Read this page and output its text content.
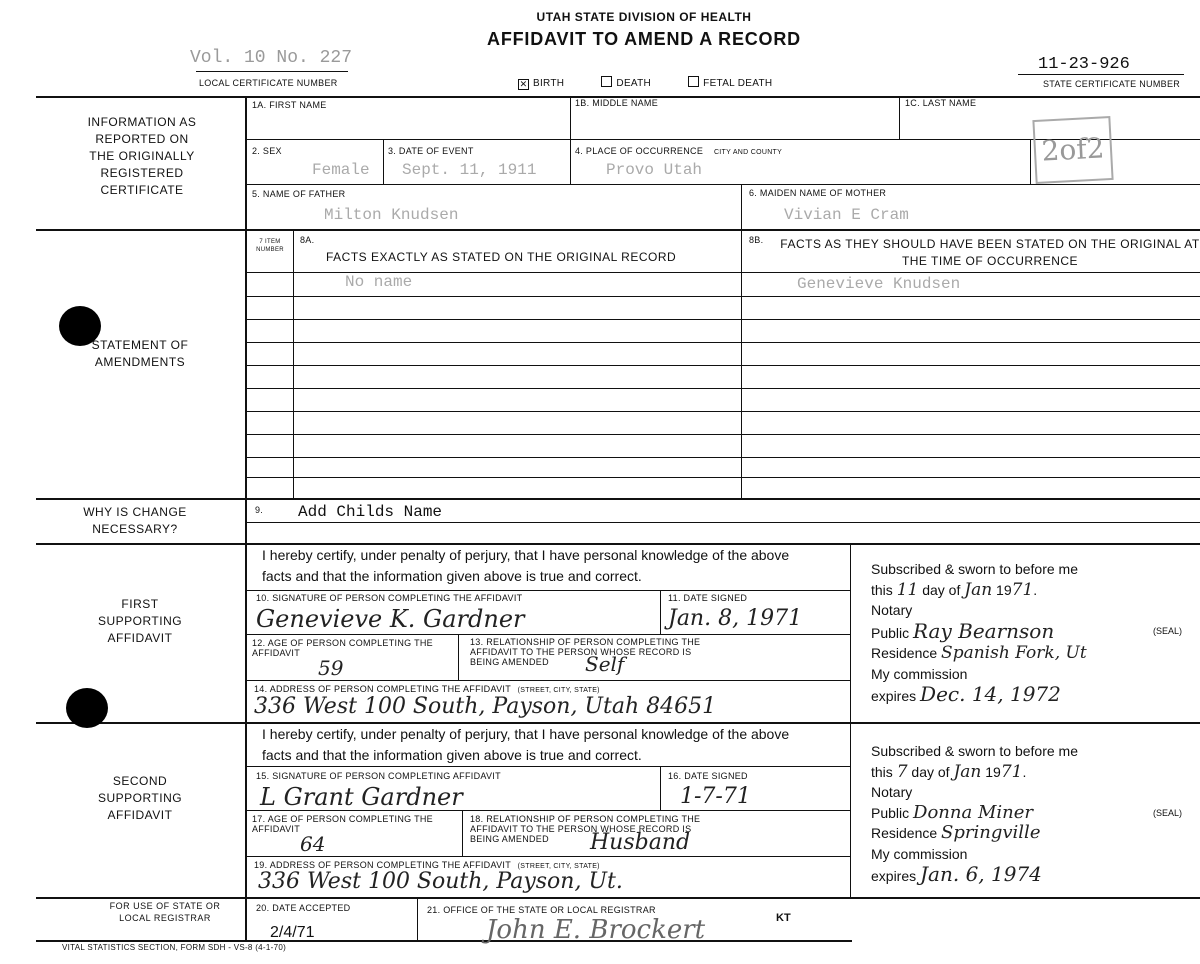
UTAH STATE DIVISION OF HEALTH
AFFIDAVIT TO AMEND A RECORD
Vol. 10 No. 227
LOCAL CERTIFICATE NUMBER	✕ BIRTH	DEATH	FETAL DEATH
11-23-926
STATE CERTIFICATE NUMBER
INFORMATION AS REPORTED ON THE ORIGINALLY REGISTERED CERTIFICATE
STATEMENT OF AMENDMENTS
WHY IS CHANGE NECESSARY?
FIRST SUPPORTING AFFIDAVIT
SECOND SUPPORTING AFFIDAVIT
FOR USE OF STATE OR LOCAL REGISTRAR
1A. FIRST NAME	1B. MIDDLE NAME	1C. LAST NAME
2. SEX
Female
3. DATE OF EVENT
Sept. 11, 1911
4. PLACE OF OCCURRENCE CITY AND COUNTY
Provo Utah
2of2
5. NAME OF FATHER
Milton Knudsen
6. MAIDEN NAME OF MOTHER
Vivian E Cram
7 ITEM NUMBER
8A.
FACTS EXACTLY AS STATED ON THE ORIGINAL RECORD
8B.	FACTS AS THEY SHOULD HAVE BEEN STATED ON THE ORIGINAL AT THE TIME OF OCCURRENCE
No name	Genevieve Knudsen
9. Add Childs Name
I hereby certify, under penalty of perjury, that I have personal knowledge of the above facts and that the information given above is true and correct.
10. SIGNATURE OF PERSON COMPLETING THE AFFIDAVIT
Genevieve K. Gardner
11. DATE SIGNED
Jan. 8, 1971
12. AGE OF PERSON COMPLETING THE AFFIDAVIT
59
13. RELATIONSHIP OF PERSON COMPLETING THE AFFIDAVIT TO THE PERSON WHOSE RECORD IS BEING AMENDED	Self
14. ADDRESS OF PERSON COMPLETING THE AFFIDAVIT (STREET, CITY, STATE)
336 West 100 South, Payson, Utah 84651
Subscribed & sworn to before me
this 11 day of Jan 1971.
Notary
Public Ray Bearnson	(SEAL)
Residence Spanish Fork, Ut
My commission
expires Dec. 14, 1972
I hereby certify, under penalty of perjury, that I have personal knowledge of the above facts and that the information given above is true and correct.
15. SIGNATURE OF PERSON COMPLETING AFFIDAVIT
L Grant Gardner
16. DATE SIGNED
1-7-71
17. AGE OF PERSON COMPLETING THE AFFIDAVIT
64
18. RELATIONSHIP OF PERSON COMPLETING THE AFFIDAVIT TO THE PERSON WHOSE RECORD IS BEING AMENDED	Husband
19. ADDRESS OF PERSON COMPLETING THE AFFIDAVIT (STREET, CITY, STATE)
336 West 100 South, Payson, Ut.
Subscribed & sworn to before me
this 7 day of Jan 1971.
Notary
Public Donna Miner	(SEAL)
Residence Springville
My commission
expires Jan. 6, 1974
20. DATE ACCEPTED
2/4/71
21. OFFICE OF THE STATE OR LOCAL REGISTRAR
John E. Brockert	KT
VITAL STATISTICS SECTION, FORM SDH - VS-8 (4-1-70)
